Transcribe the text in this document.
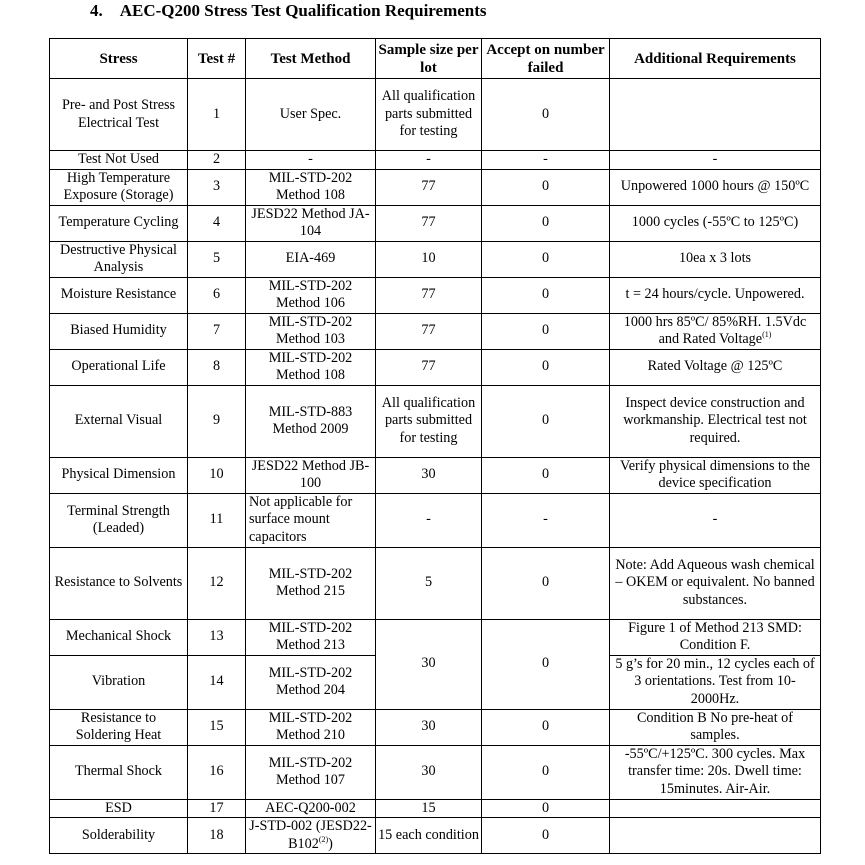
4. AEC-Q200 Stress Test Qualification Requirements
Stress	Test #	Test Method	Sample size per lot	Accept on number failed	Additional Requirements
Pre- and Post Stress Electrical Test	1	User Spec.	All qualification parts submitted for testing	0	
Test Not Used	2	-	-	-	-
High Temperature Exposure (Storage)	3	MIL-STD-202 Method 108	77	0	Unpowered 1000 hours @ 150ºC
Temperature Cycling	4	JESD22 Method JA-104	77	0	1000 cycles (-55ºC to 125ºC)
Destructive Physical Analysis	5	EIA-469	10	0	10ea x 3 lots
Moisture Resistance	6	MIL-STD-202 Method 106	77	0	t = 24 hours/cycle. Unpowered.
Biased Humidity	7	MIL-STD-202 Method 103	77	0	1000 hrs 85ºC/ 85%RH. 1.5Vdc and Rated Voltage$^{(1)}$
Operational Life	8	MIL-STD-202 Method 108	77	0	Rated Voltage @ 125ºC
External Visual	9	MIL-STD-883 Method 2009	All qualification parts submitted for testing	0	Inspect device construction and workmanship. Electrical test not required.
Physical Dimension	10	JESD22 Method JB-100	30	0	Verify physical dimensions to the device specification
Terminal Strength (Leaded)	11	Not applicable for surface mount capacitors	-	-	-
Resistance to Solvents	12	MIL-STD-202 Method 215	5	0	Note: Add Aqueous wash chemical – OKEM or equivalent. No banned substances.
Mechanical Shock	13	MIL-STD-202 Method 213	30	0	Figure 1 of Method 213 SMD: Condition F.
Vibration	14	MIL-STD-202 Method 204			5 g’s for 20 min., 12 cycles each of 3 orientations. Test from 10-2000Hz.
Resistance to Soldering Heat	15	MIL-STD-202 Method 210	30	0	Condition B No pre-heat of samples.
Thermal Shock	16	MIL-STD-202 Method 107	30	0	-55ºC/+125ºC. 300 cycles. Max transfer time: 20s. Dwell time: 15minutes. Air-Air.
ESD	17	AEC-Q200-002	15	0	
Solderability	18	J-STD-002 (JESD22-B102$^{(2)}$)	15 each condition	0	
